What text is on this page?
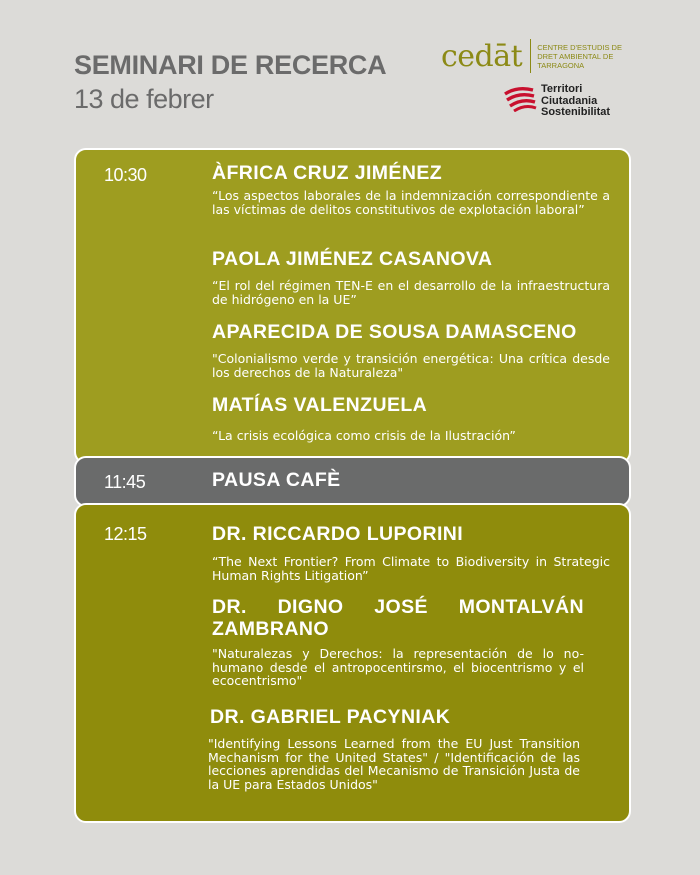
SEMINARI DE RECERCA
13 de febrer
cedāt CENTRE D'ESTUDIS DE DRET AMBIENTAL DE TARRAGONA
Territori
Ciutadania
Sostenibilitat
10:30	ÀFRICA CRUZ JIMÉNEZ
“Los aspectos laborales de la indemnización correspondiente a las víctimas de delitos constitutivos de explotación laboral”
PAOLA JIMÉNEZ CASANOVA
“El rol del régimen TEN-E en el desarrollo de la infraestructura de hidrógeno en la UE”
APARECIDA DE SOUSA DAMASCENO
"Colonialismo verde y transición energética: Una crítica desde los derechos de la Naturaleza"
MATÍAS VALENZUELA
“La crisis ecológica como crisis de la Ilustración”
11:45	PAUSA CAFÈ
12:15	DR. RICCARDO LUPORINI
“The Next Frontier? From Climate to Biodiversity in Strategic Human Rights Litigation”
DR. DIGNO JOSÉ MONTALVÁN ZAMBRANO
"Naturalezas y Derechos: la representación de lo no-humano desde el antropocentirsmo, el biocentrismo y el ecocentrismo"
DR. GABRIEL PACYNIAK
"Identifying Lessons Learned from the EU Just Transition Mechanism for the United States" / "Identificación de las lecciones aprendidas del Mecanismo de Transición Justa de la UE para Estados Unidos"
